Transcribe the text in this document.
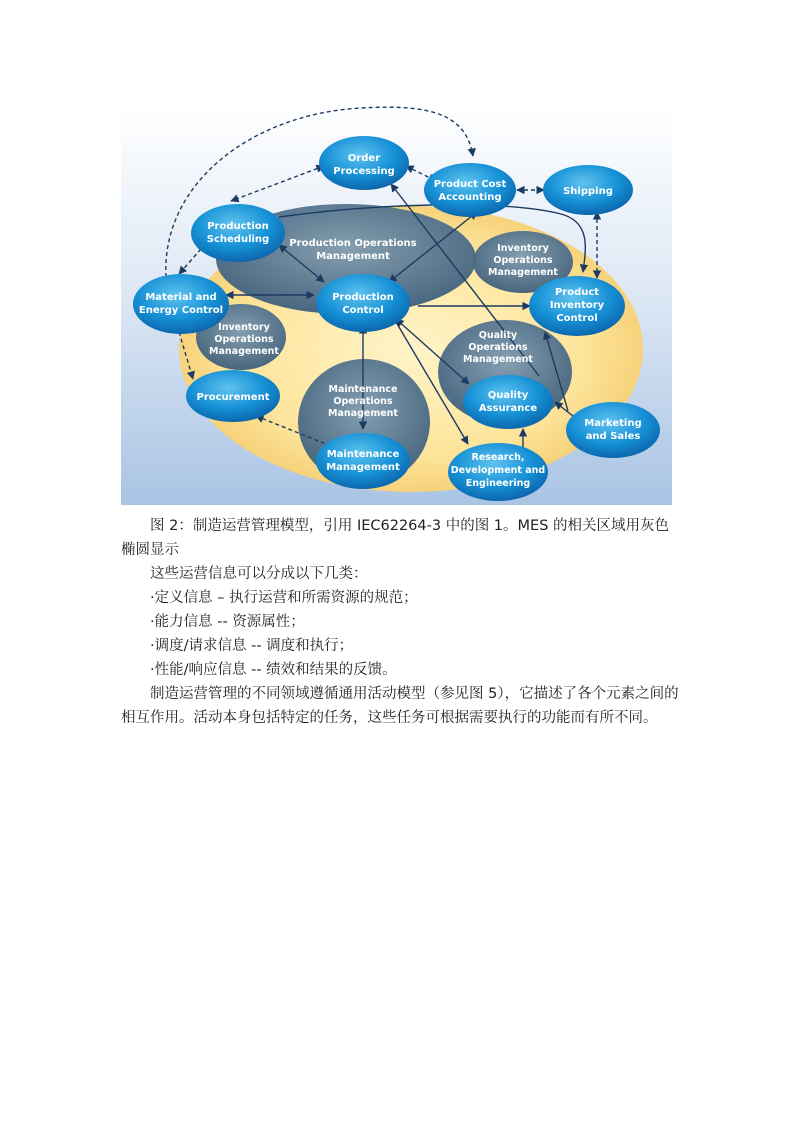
Order
Processing
Product Cost
Accounting
Shipping
Production
Scheduling
Material and
Energy Control
Production
Control
Product
Inventory
Control
Procurement	Quality
Assurance
Maintenance
Management
Research,
Development and
Engineering
Marketing
and Sales
Production Operations
Management
Inventory
Operations
Management
Inventory
Operations
Management
Quality
Operations
Management
Maintenance
Operations
Management

图 2：制造运营管理模型，引用 IEC62264-3 中的图 1。MES 的相关区域用灰色椭圆显示

这些运营信息可以分成以下几类：

·定义信息 – 执行运营和所需资源的规范；

·能力信息 -- 资源属性；

·调度/请求信息 -- 调度和执行；

·性能/响应信息 -- 绩效和结果的反馈。

制造运营管理的不同领域遵循通用活动模型（参见图 5），它描述了各个元素之间的相互作用。活动本身包括特定的任务，这些任务可根据需要执行的功能而有所不同。
